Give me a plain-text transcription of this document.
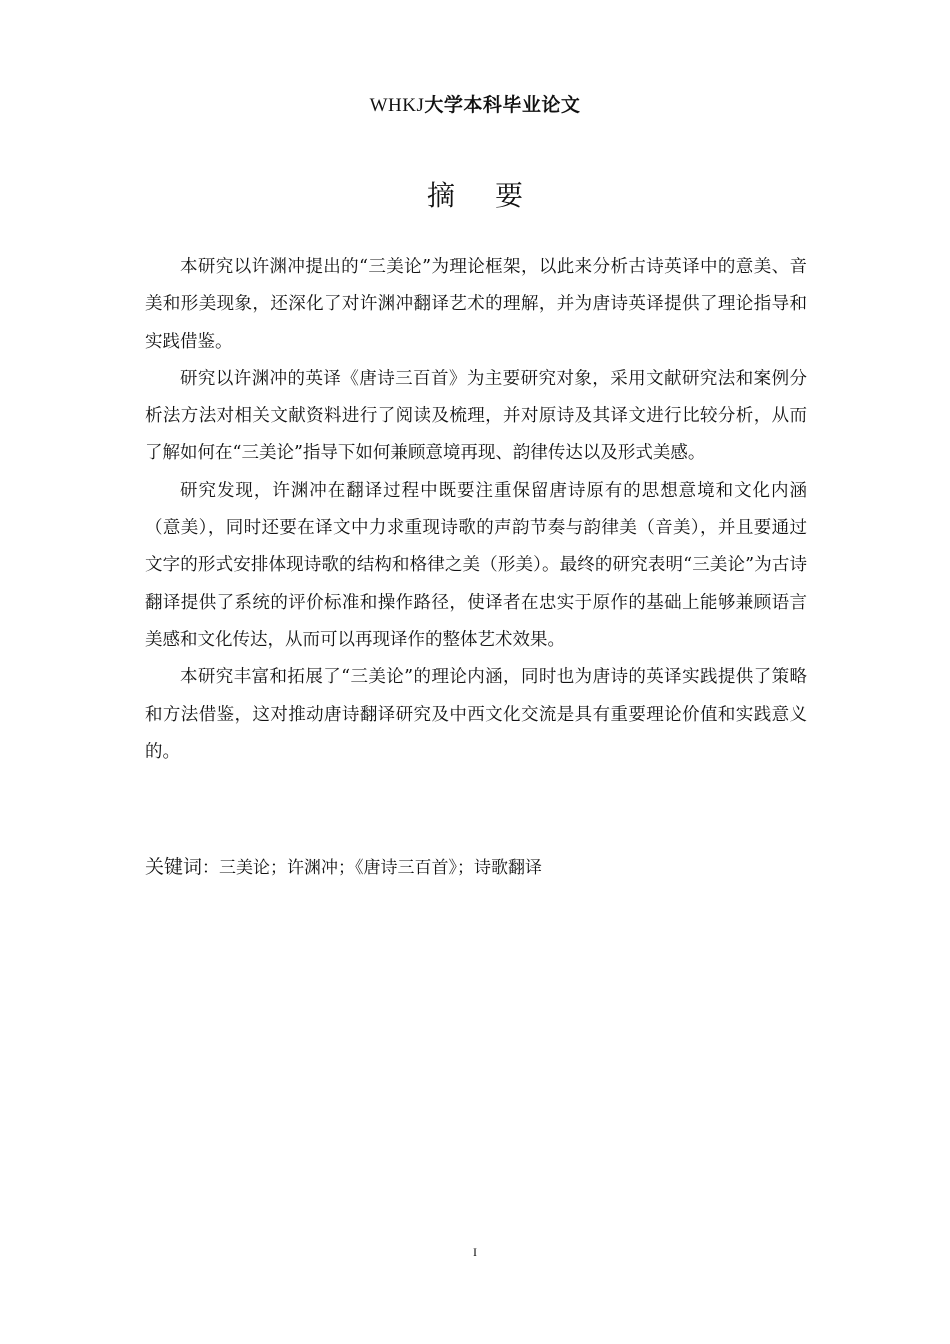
WHKJ大学本科毕业论文
摘要

本研究以许渊冲提出的“三美论”为理论框架，以此来分析古诗英译中的意美、音美和形美现象，还深化了对许渊冲翻译艺术的理解，并为唐诗英译提供了理论指导和实践借鉴。

研究以许渊冲的英译《唐诗三百首》为主要研究对象，采用文献研究法和案例分析法方法对相关文献资料进行了阅读及梳理，并对原诗及其译文进行比较分析，从而了解如何在“三美论”指导下如何兼顾意境再现、韵律传达以及形式美感。

研究发现，许渊冲在翻译过程中既要注重保留唐诗原有的思想意境和文化内涵（意美），同时还要在译文中力求重现诗歌的声韵节奏与韵律美（音美），并且要通过文字的形式安排体现诗歌的结构和格律之美（形美）。最终的研究表明“三美论”为古诗翻译提供了系统的评价标准和操作路径，使译者在忠实于原作的基础上能够兼顾语言美感和文化传达，从而可以再现译作的整体艺术效果。

本研究丰富和拓展了“三美论”的理论内涵，同时也为唐诗的英译实践提供了策略和方法借鉴，这对推动唐诗翻译研究及中西文化交流是具有重要理论价值和实践意义的。

关键词：三美论；许渊冲；《唐诗三百首》；诗歌翻译
I
